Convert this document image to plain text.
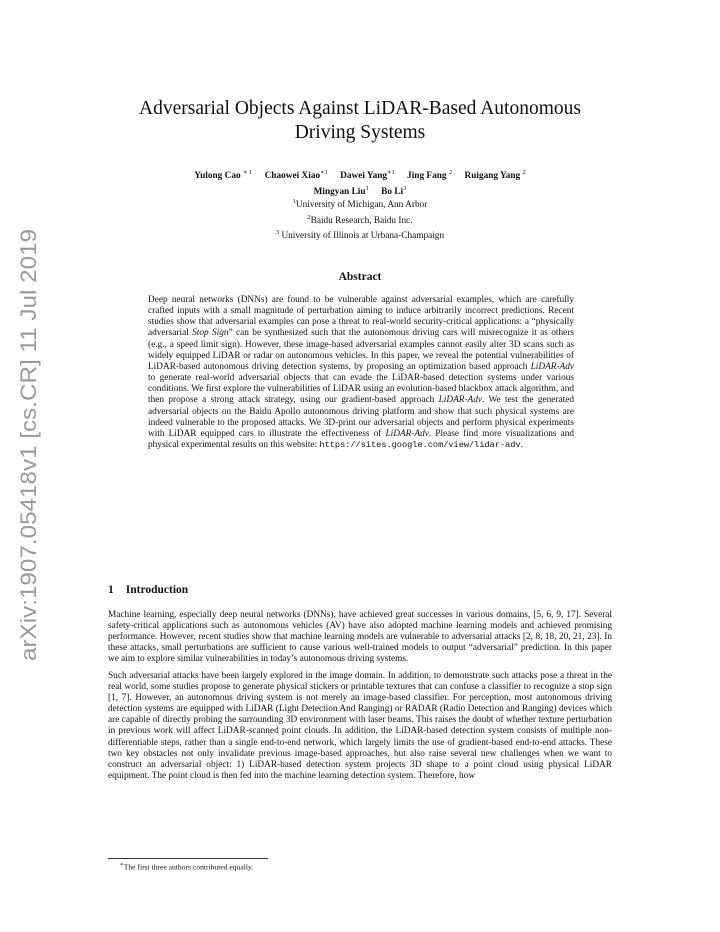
arXiv:1907.05418v1 [cs.CR] 11 Jul 2019
Adversarial Objects Against LiDAR-Based Autonomous
Driving Systems
Yulong Cao $^{∗ 1}$ Chaowei Xiao$^{∗1}$ Dawei Yang$^{∗1}$ Jing Fang $^2$ Ruigang Yang $^2$
Mingyan Liu$^1$ Bo Li$^3$
$^1$University of Michigan, Ann Arbor
$^2$Baidu Research, Baidu Inc.
$^3$ University of Illinois at Urbana-Champaign
Abstract
Deep neural networks (DNNs) are found to be vulnerable against adversarial examples, which are carefully crafted inputs with a small magnitude of perturbation aiming to induce arbitrarily incorrect predictions. Recent studies show that adversarial examples can pose a threat to real-world security-critical applications: a “physically adversarial Stop Sign” can be synthesized such that the autonomous driving cars will misrecognize it as others (e.g., a speed limit sign). However, these image-based adversarial examples cannot easily alter 3D scans such as widely equipped LiDAR or radar on autonomous vehicles. In this paper, we reveal the potential vulnerabilities of LiDAR-based autonomous driving detection systems, by proposing an optimization based approach LiDAR-Adv to generate real-world adversarial objects that can evade the LiDAR-based detection systems under various conditions. We first explore the vulnerabilities of LiDAR using an evolution-based blackbox attack algorithm, and then propose a strong attack strategy, using our gradient-based approach LiDAR-Adv. We test the generated adversarial objects on the Baidu Apollo autonomous driving platform and show that such physical systems are indeed vulnerable to the proposed attacks. We 3D-print our adversarial objects and perform physical experiments with LiDAR equipped cars to illustrate the effectiveness of LiDAR-Adv. Please find more visualizations and physical experimental results on this website: https://sites.google.com/view/lidar-adv.
1 Introduction

Machine learning, especially deep neural networks (DNNs), have achieved great successes in various domains, [5, 6, 9, 17]. Several safety-critical applications such as autonomous vehicles (AV) have also adopted machine learning models and achieved promising performance. However, recent studies show that machine learning models are vulnerable to adversarial attacks [2, 8, 18, 20, 21, 23]. In these attacks, small perturbations are sufficient to cause various well-trained models to output “adversarial” prediction. In this paper we aim to explore similar vulnerabilities in today’s autonomous driving systems.

Such adversarial attacks have been largely explored in the image domain. In addition, to demonstrate such attacks pose a threat in the real world, some studies propose to generate physical stickers or printable textures that can confuse a classifier to recognize a stop sign [1, 7]. However, an autonomous driving system is not merely an image-based classifier. For perception, most autonomous driving detection systems are equipped with LiDAR (Light Detection And Ranging) or RADAR (Radio Detection and Ranging) devices which are capable of directly probing the surrounding 3D environment with laser beams. This raises the doubt of whether texture perturbation in previous work will affect LiDAR-scanned point clouds. In addition, the LiDAR-based detection system consists of multiple non-differentiable steps, rather than a single end-to-end network, which largely limits the use of gradient-based end-to-end attacks. These two key obstacles not only invalidate previous image-based approaches, but also raise several new challenges when we want to construct an adversarial object: 1) LiDAR-based detection system projects 3D shape to a point cloud using physical LiDAR equipment. The point cloud is then fed into the machine learning detection system. Therefore, how

∗The first three authors contributed equally.
